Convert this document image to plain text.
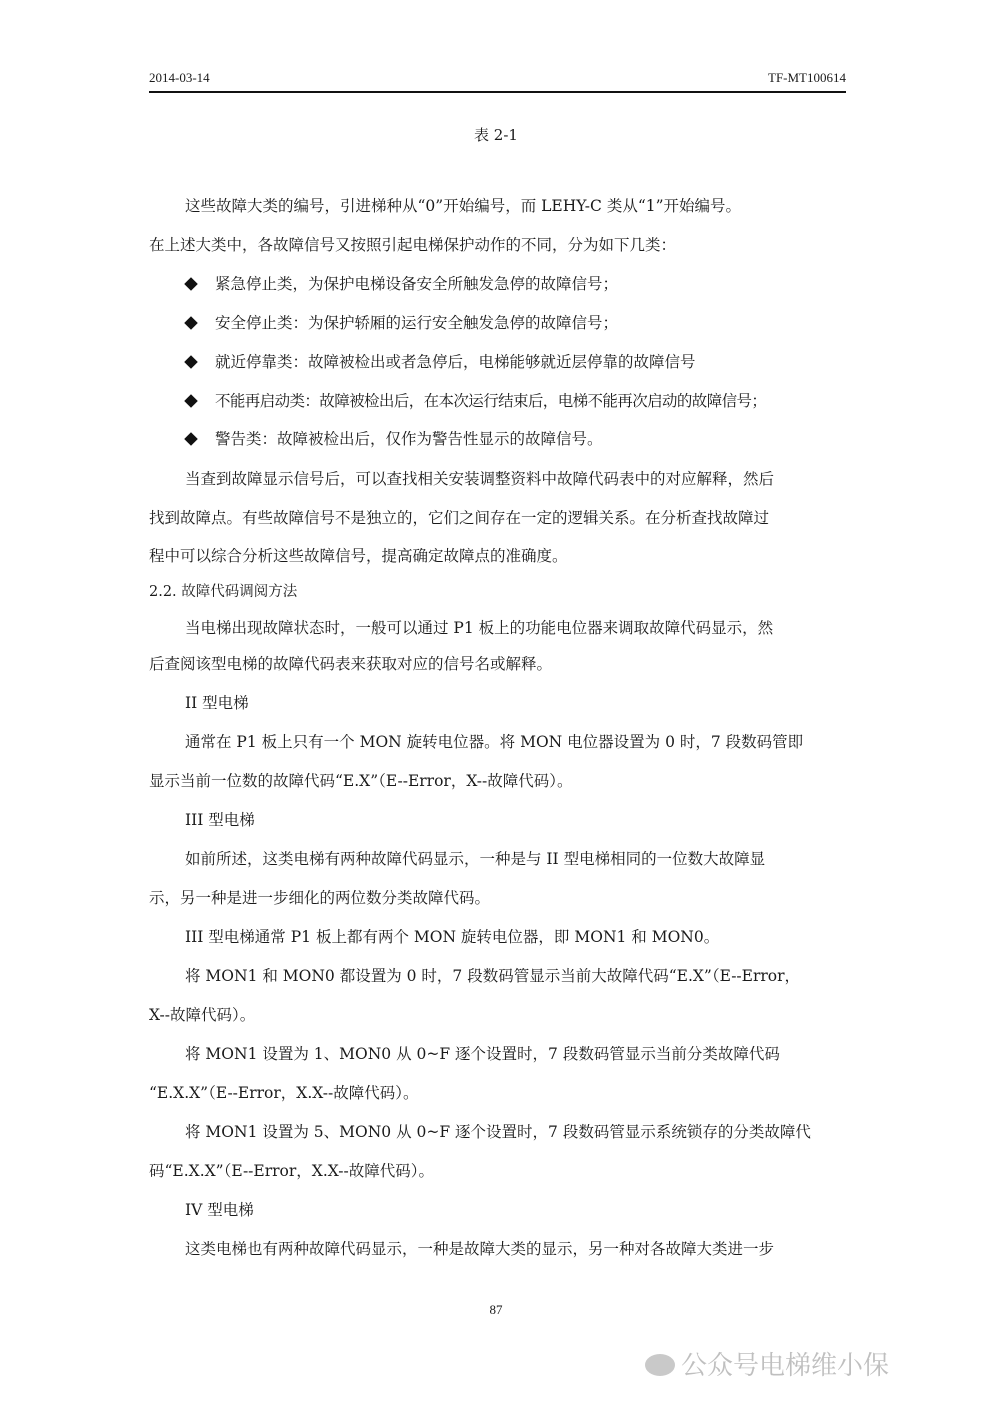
2014-03-14	TF-MT100614
表 2-1
这些故障大类的编号，引进梯种从“0”开始编号，而 LEHY-C 类从“1”开始编号。
在上述大类中，各故障信号又按照引起电梯保护动作的不同，分为如下几类：
紧急停止类，为保护电梯设备安全所触发急停的故障信号；
安全停止类：为保护轿厢的运行安全触发急停的故障信号；
就近停靠类：故障被检出或者急停后，电梯能够就近层停靠的故障信号
不能再启动类：故障被检出后，在本次运行结束后，电梯不能再次启动的故障信号；
警告类：故障被检出后，仅作为警告性显示的故障信号。
当查到故障显示信号后，可以查找相关安装调整资料中故障代码表中的对应解释，然后
找到故障点。有些故障信号不是独立的，它们之间存在一定的逻辑关系。在分析查找故障过
程中可以综合分析这些故障信号，提高确定故障点的准确度。
2.2. 故障代码调阅方法
当电梯出现故障状态时，一般可以通过 P1 板上的功能电位器来调取故障代码显示，然
后查阅该型电梯的故障代码表来获取对应的信号名或解释。
II 型电梯
通常在 P1 板上只有一个 MON 旋转电位器。将 MON 电位器设置为 0 时，7 段数码管即
显示当前一位数的故障代码“E.X”（E--Error，X--故障代码）。
III 型电梯
如前所述，这类电梯有两种故障代码显示，一种是与 II 型电梯相同的一位数大故障显
示，另一种是进一步细化的两位数分类故障代码。
III 型电梯通常 P1 板上都有两个 MON 旋转电位器，即 MON1 和 MON0。
将 MON1 和 MON0 都设置为 0 时，7 段数码管显示当前大故障代码“E.X”（E--Error，
X--故障代码）。
将 MON1 设置为 1、MON0 从 0~F 逐个设置时，7 段数码管显示当前分类故障代码
“E.X.X”（E--Error，X.X--故障代码）。
将 MON1 设置为 5、MON0 从 0~F 逐个设置时，7 段数码管显示系统锁存的分类故障代
码“E.X.X”（E--Error，X.X--故障代码）。
IV 型电梯
这类电梯也有两种故障代码显示，一种是故障大类的显示，另一种对各故障大类进一步
87
公众号电梯维小保
